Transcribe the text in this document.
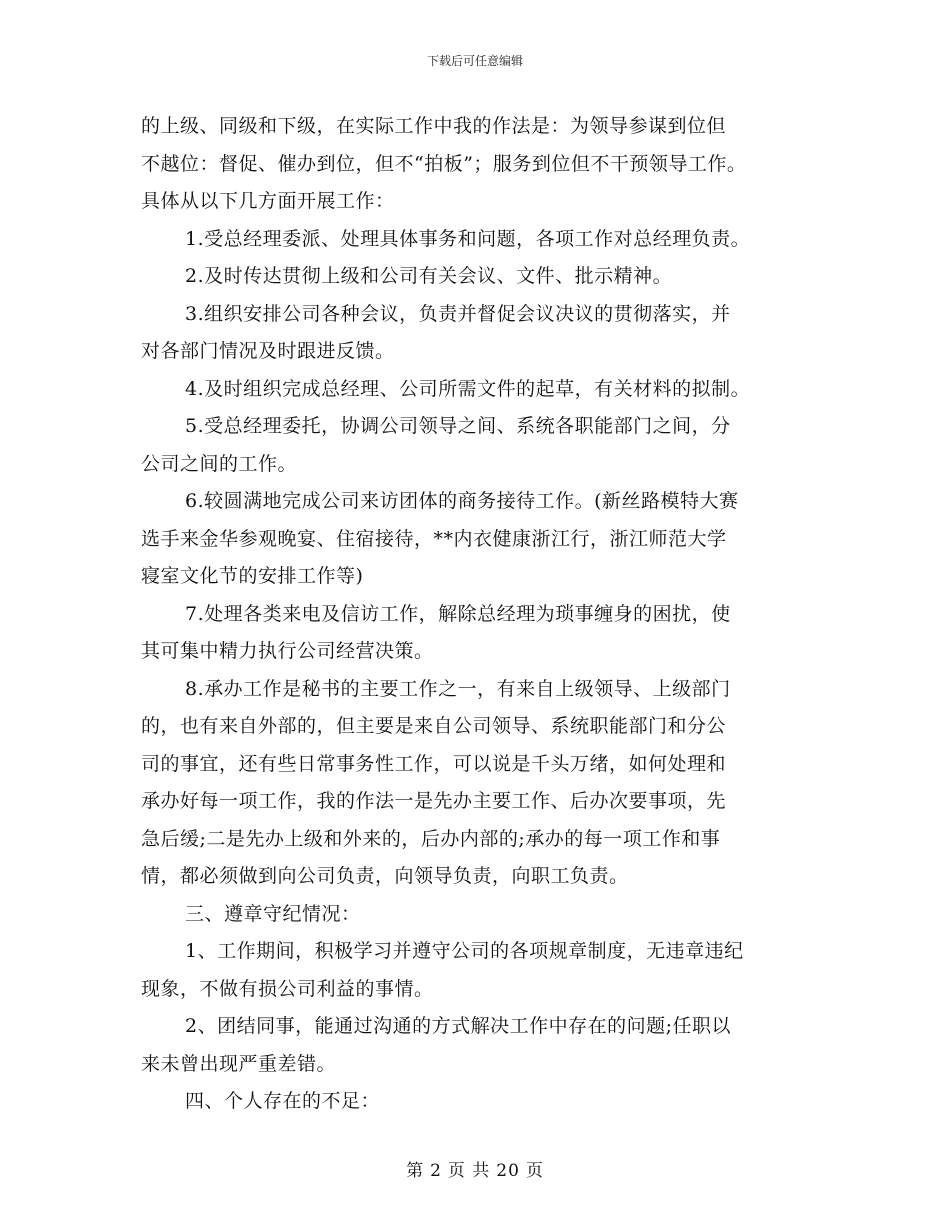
下载后可任意编辑
的上级、同级和下级，在实际工作中我的作法是：为领导参谋到位但
不越位：督促、催办到位，但不“拍板”；服务到位但不干预领导工作。
具体从以下几方面开展工作：
1.受总经理委派、处理具体事务和问题，各项工作对总经理负责。
2.及时传达贯彻上级和公司有关会议、文件、批示精神。
3.组织安排公司各种会议，负责并督促会议决议的贯彻落实，并
对各部门情况及时跟进反馈。
4.及时组织完成总经理、公司所需文件的起草，有关材料的拟制。
5.受总经理委托，协调公司领导之间、系统各职能部门之间，分
公司之间的工作。
6.较圆满地完成公司来访团体的商务接待工作。(新丝路模特大赛
选手来金华参观晚宴、住宿接待，**内衣健康浙江行，浙江师范大学
寝室文化节的安排工作等)
7.处理各类来电及信访工作，解除总经理为琐事缠身的困扰，使
其可集中精力执行公司经营决策。
8.承办工作是秘书的主要工作之一，有来自上级领导、上级部门
的，也有来自外部的，但主要是来自公司领导、系统职能部门和分公
司的事宜，还有些日常事务性工作，可以说是千头万绪，如何处理和
承办好每一项工作，我的作法一是先办主要工作、后办次要事项，先
急后缓;二是先办上级和外来的，后办内部的;承办的每一项工作和事
情，都必须做到向公司负责，向领导负责，向职工负责。
三、遵章守纪情况：
1、工作期间，积极学习并遵守公司的各项规章制度，无违章违纪
现象，不做有损公司利益的事情。
2、团结同事，能通过沟通的方式解决工作中存在的问题;任职以
来未曾出现严重差错。
四、个人存在的不足：
第 2 页 共 20 页
